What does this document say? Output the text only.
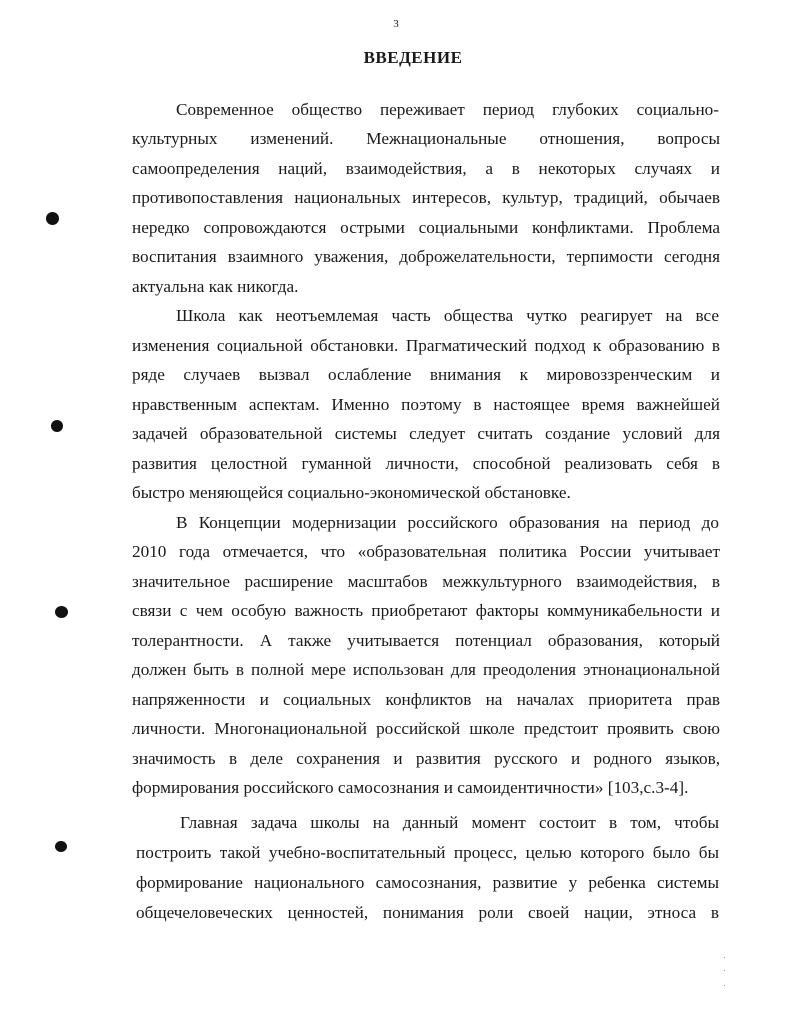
3
ВВЕДЕНИЕ
Современное общество переживает период глубоких социально-
культурных изменений. Межнациональные отношения, вопросы
самоопределения наций, взаимодействия, а в некоторых случаях и
противопоставления национальных интересов, культур, традиций, обычаев
нередко сопровождаются острыми социальными конфликтами. Проблема
воспитания взаимного уважения, доброжелательности, терпимости сегодня
актуальна как никогда.
Школа как неотъемлемая часть общества чутко реагирует на все
изменения социальной обстановки. Прагматический подход к образованию в
ряде случаев вызвал ослабление внимания к мировоззренческим и
нравственным аспектам. Именно поэтому в настоящее время важнейшей
задачей образовательной системы следует считать создание условий для
развития целостной гуманной личности, способной реализовать себя в
быстро меняющейся социально-экономической обстановке.
В Концепции модернизации российского образования на период до
2010 года отмечается, что «образовательная политика России учитывает
значительное расширение масштабов межкультурного взаимодействия, в
связи с чем особую важность приобретают факторы коммуникабельности и
толерантности. А также учитывается потенциал образования, который
должен быть в полной мере использован для преодоления этнонациональной
напряженности и социальных конфликтов на началах приоритета прав
личности. Многонациональной российской школе предстоит проявить свою
значимость в деле сохранения и развития русского и родного языков,
формирования российского самосознания и самоидентичности» [103,с.3-4].
Главная задача школы на данный момент состоит в том, чтобы
построить такой учебно-воспитательный процесс, целью которого было бы
формирование национального самосознания, развитие у ребенка системы
общечеловеческих ценностей, понимания роли своей нации, этноса в
